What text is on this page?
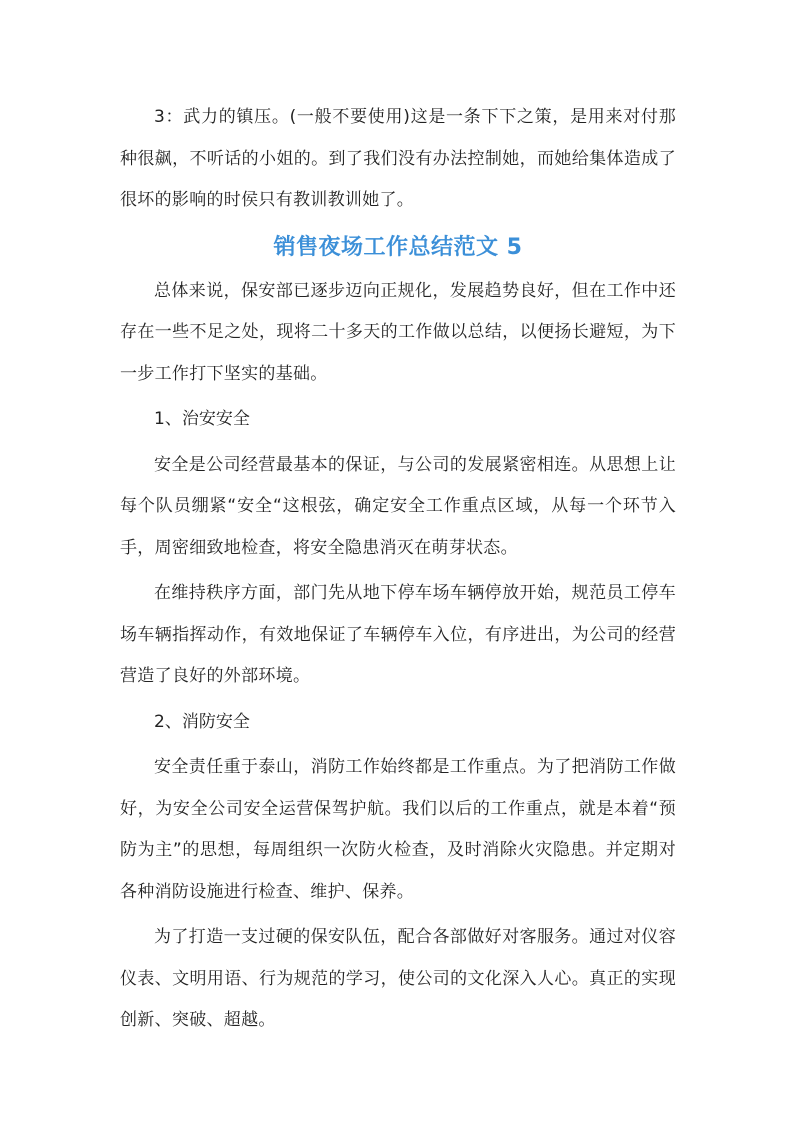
3：武力的镇压。(一般不要使用)这是一条下下之策，是用来对付那种很飙，不听话的小姐的。到了我们没有办法控制她，而她给集体造成了很坏的影响的时侯只有教训教训她了。

销售夜场工作总结范文 5

总体来说，保安部已逐步迈向正规化，发展趋势良好，但在工作中还存在一些不足之处，现将二十多天的工作做以总结，以便扬长避短，为下一步工作打下坚实的基础。

1、治安安全

安全是公司经营最基本的保证，与公司的发展紧密相连。从思想上让每个队员绷紧“安全“这根弦，确定安全工作重点区域，从每一个环节入手，周密细致地检查，将安全隐患消灭在萌芽状态。

在维持秩序方面，部门先从地下停车场车辆停放开始，规范员工停车场车辆指挥动作，有效地保证了车辆停车入位，有序进出，为公司的经营营造了良好的外部环境。

2、消防安全

安全责任重于泰山，消防工作始终都是工作重点。为了把消防工作做好，为安全公司安全运营保驾护航。我们以后的工作重点，就是本着“预防为主”的思想，每周组织一次防火检查，及时消除火灾隐患。并定期对各种消防设施进行检查、维护、保养。

为了打造一支过硬的保安队伍，配合各部做好对客服务。通过对仪容仪表、文明用语、行为规范的学习，使公司的文化深入人心。真正的实现创新、突破、超越。
